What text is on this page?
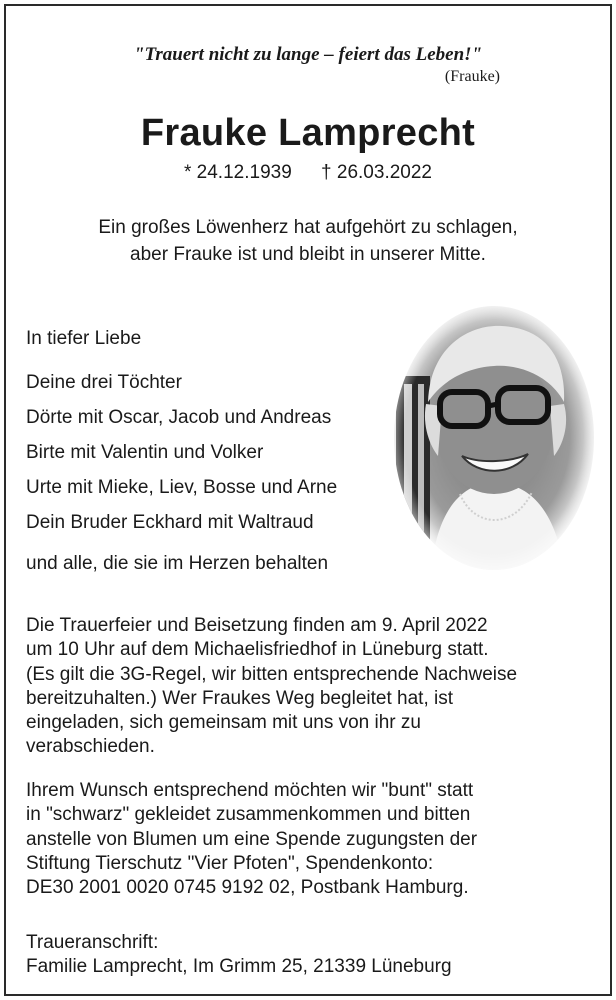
"Trauert nicht zu lange – feiert das Leben!"
(Frauke)
Frauke Lamprecht
* 24.12.1939 † 26.03.2022
Ein großes Löwenherz hat aufgehört zu schlagen,
aber Frauke ist und bleibt in unserer Mitte.
In tiefer Liebe
Deine drei Töchter
Dörte mit Oscar, Jacob und Andreas
Birte mit Valentin und Volker
Urte mit Mieke, Liev, Bosse und Arne
Dein Bruder Eckhard mit Waltraud
und alle, die sie im Herzen behalten
Die Trauerfeier und Beisetzung finden am 9. April 2022
um 10 Uhr auf dem Michaelisfriedhof in Lüneburg statt.
(Es gilt die 3G-Regel, wir bitten entsprechende Nachweise
bereitzuhalten.) Wer Fraukes Weg begleitet hat, ist
eingeladen, sich gemeinsam mit uns von ihr zu
verabschieden.
Ihrem Wunsch entsprechend möchten wir "bunt" statt
in "schwarz" gekleidet zusammenkommen und bitten
anstelle von Blumen um eine Spende zugungsten der
Stiftung Tierschutz "Vier Pfoten", Spendenkonto:
DE30 2001 0020 0745 9192 02, Postbank Hamburg.
Traueranschrift:
Familie Lamprecht, Im Grimm 25, 21339 Lüneburg
